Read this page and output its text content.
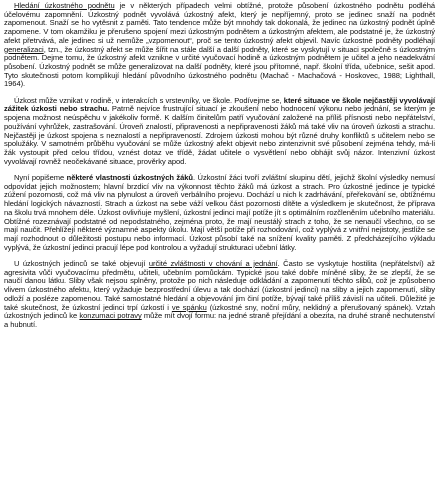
Hledání úzkostného podnětu je v některých případech velmi obtížné, protože působení úzkostného podnětu podléhá účelovému zapomnění. Úzkostný podnět vyvolává úzkostný afekt, který je nepříjemný, proto se jedinec snaží na podnět zapomenout. Snaží se ho vytěsnit z paměti. Tato tendence může být mnohdy tak dokonalá, že jedinec na úzkostný podnět úplně zapomene. V tom okamžiku je přerušeno spojení mezi úzkostným podnětem a úzkostným afektem, ale podstatné je, že úzkostný afekt přetrvává, ale jedinec si už nemůže „vzpomenout“, proč se tento úzkostný afekt objevil. Navíc úzkostné podněty podléhají generalizaci, tzn., že úzkostný afekt se může šířit na stále další a další podněty, které se vyskytují v situaci společně s úzkostným podnětem. Dejme tomu, že úzkostný afekt vznikne v určité vyučovací hodině a úzkostným podnětem je učitel a jeho neadekvátní působení. Úzkostný podnět se může generalizovat na další podněty, které jsou přítomné, např. školní třída, učebnice, sešit apod. Tyto skutečnosti potom komplikují hledání původního úzkostného podnětu (Machač - Machačová - Hoskovec, 1988; Lighthall, 1964).

Úzkost může vznikat v rodině, v interakcích s vrstevníky, ve škole. Podívejme se, které situace ve škole nejčastěji vyvolávají zážitek úzkosti nebo strachu. Patrně nejvíce frustrující situací je zkoušení nebo hodnocení výkonu nebo jednání, se kterým je spojena možnost neúspěchu v jakékoliv formě. K dalším činitelům patří vyučování založené na příliš přísnosti nebo nepřátelství, používání vyhrůžek, zastrašování. Úroveň znalostí, připravenosti a nepřipravenosti žáků má také vliv na úroveň úzkosti a strachu. Nejčastěji je úzkost spojena s neznalostí a nepřipraveností. Zdrojem úzkosti mohou být různé druhy konfliktů s učitelem nebo se spolužáky. V samotném průběhu vyučování se může úzkostný afekt objevit nebo zintenzivnit své působení zejména tehdy, má-li žák vystoupit před celou třídou, vznést dotaz ve třídě, žádat učitele o vysvětlení nebo obhájit svůj názor. Intenzivní úzkost vyvolávají rovněž neočekávané situace, prověrky apod.

Nyní popišeme některé vlastnosti úzkostných žáků. Úzkostní žáci tvoří zvláštní skupinu dětí, jejichž školní výsledky nemusí odpovídat jejich možnostem; hlavní brzdicí vliv na výkonnost těchto žáků má úzkost a strach. Pro úzkostné jedince je typické zúžení pozornosti, což má vliv na plynulost a úroveň verbálního projevu. Dochází u nich k zadrhávání, přeřekování se, obtížnému hledání logických návazností. Strach a úzkost na sebe váží velkou část pozornosti dítěte a výsledkem je skutečnost, že příprava na školu trvá mnohem déle. Úzkost ovlivňuje myšlení, úzkostní jedinci mají potíže jít s optimálním rozčleněním učebního materiálu. Obtížné rozeznávají podstatné od nepodstatného, zejména proto, že mají neustálý strach z toho, že se nenaučí všechno, co se mají naučit. Přehlížejí některé významné aspekty úkolu. Mají větší potíže při rozhodování, což vyplývá z vnitřní nejistoty, jestliže se mají rozhodnout o důležitosti postupu nebo informací. Úzkost působí také na snížení kvality paměti. Z předcházejícího výkladu vyplývá, že úzkostní jedinci pracují lépe pod kontrolou a vyžadují strukturaci učební látky.

U úzkostných jedinců se také objevují určité zvláštnosti v chování a jednání. Často se vyskytuje hostilita (nepřátelství) až agresivita vůči vyučovacímu předmětu, učiteli, učebním pomůckám. Typické jsou také dobře míněné sliby, že se zlepší, že se naučí danou látku. Sliby však nejsou splněny, protože po nich následuje odkládání a zapomenutí těchto slibů, což je způsobeno vlivem úzkostného afektu, který vyžaduje bezprostřední úlevu a tak dochází (úzkostní jedinci) na sliby a jejich zapomenutí, sliby odloží a posléze zapomenou. Také samostatné hledání a objevování jim činí potíže, bývají také příliš závislí na učiteli. Důležité je také skutečnost, že úzkostní jedinci trpí úzkostí i ve spánku (úzkostné sny, noční můry, neklidný a přerušovaný spánek). Vztah úzkostných jedinců ke konzumaci potravy může mít dvojí formu: na jedné straně přejídání a obezita, na druhé straně nechutenství a hubnutí.
